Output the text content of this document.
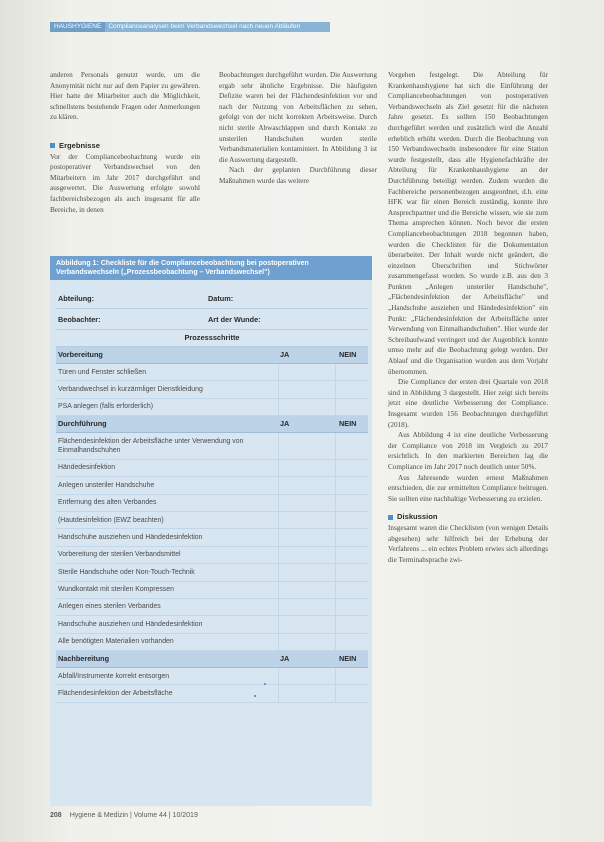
HAUSHYGIENE Complianceanalysen beim Verbandswechsel nach neuen Abläufen

anderen Personals genutzt wurde, um die Anonymität nicht nur auf dem Papier zu gewähren. Hier hatte der Mitarbeiter auch die Möglichkeit, schnellstens bestehende Fragen oder Anmerkungen zu klären.

Ergebnisse

Vor der Compliancebeobachtung wurde ein postoperativer Verbandswechsel von den Mitarbeitern im Jahr 2017 durchgeführt und ausgewertet. Die Auswertung erfolgte sowohl fachbereichsbezogen als auch insgesamt für alle Bereiche, in denen

Beobachtungen durchgeführt wurden. Die Auswertung ergab sehr ähnliche Ergebnisse. Die häufigsten Defizite waren bei der Flächendesinfektion vor und nach der Nutzung von Arbeitsflächen zu sehen, gefolgt von der nicht korrekten Arbeitsweise. Durch nicht sterile Abwaschlappen und durch Kontakt zu unsterilen Handschuhen wurden sterile Verbandsmaterialien kontaminiert. In Abbildung 3 ist die Auswertung dargestellt.

Nach der geplanten Durchführung dieser Maßnahmen wurde das weitere

Vorgehen festgelegt. Die Abteilung für Krankenhaushygiene hat sich die Einführung der Compliancebeobachtungen von postoperativen Verbandswechseln als Ziel gesetzt für die nächsten Jahre gesetzt. Es sollten 150 Beobachtungen durchgeführt werden und zusätzlich wird die Anzahl erheblich erhöht werden. Durch die Beobachtung von 150 Verbandswechseln insbesondere für eine Station wurde festgestellt, dass alle Hygienefachkräfte der Abteilung für Krankenhaushygiene an der Durchführung beteiligt werden. Zudem wurden die Fachbereiche personenbezogen ausgeordnet, d.h. eine HFK war für einen Bereich zuständig, konnte ihre Ansprechpartner und die Bereiche wissen, wie sie zum Thema ansprechen können. Noch bevor die ersten Compliancebeobachtungen 2018 begonnen haben, wurden die Checklisten für die Dokumentation überarbeitet. Der Inhalt wurde nicht geändert, die einzelnen Überschriften und Stichwörter zusammengefasst worden. So wurde z.B. aus den 3 Punkten „Anlegen unsteriler Handschuhe", „Flächendesinfektion der Arbeitsfläche" und „Handschuhe ausziehen und Händedesinfektion" ein Punkt: „Flächendesinfektion der Arbeitsfläche unter Verwendung von Einmalhandschuhen". Hier wurde der Schreibaufwand verringert und der Augenblick konnte umso mehr auf die Beobachtung gelegt werden. Der Ablauf und die Organisation wurden aus dem Vorjahr übernommen.

Die Compliance der ersten drei Quartale von 2018 sind in Abbildung 3 dargestellt. Hier zeigt sich bereits jetzt eine deutliche Verbesserung der Compliance. Insgesamt wurden 156 Beobachtungen durchgeführt (2018).

Aus Abbildung 4 ist eine deutliche Verbesserung der Compliance von 2018 im Vergleich zu 2017 ersichtlich. In den markierten Bereichen lag die Compliance im Jahr 2017 noch deutlich unter 50%.

Aus Jahresende wurden erneut Maßnahmen entschieden, die zur ermittelten Compliance beitrugen. Sie sollten eine nachhaltige Verbesserung zu erzielen.

Diskussion

Insgesamt waren die Checklisten (von wenigen Details abgesehen) sehr hilfreich bei der Erhebung der Verfahrens ... ein echtes Problem erwies sich allerdings die Terminabsprache zwi-

Abbildung 1: Checkliste für die Compliancebeobachtung bei postoperativen Verbandswechseln („Prozessbeobachtung – Verbandswechsel")
Abteilung:	Datum:
Beobachter:	Art der Wunde:
Prozessschritte
Vorbereitung	JA	NEIN
Türen und Fenster schließen
Verbandwechsel in kurzärmliger Dienstkleidung
PSA anlegen (falls erforderlich)
Durchführung	JA	NEIN
Flächendesinfektion der Arbeitsfläche unter Verwendung von Einmalhandschuhen
Händedesinfektion
Anlegen unsteriler Handschuhe
Entfernung des alten Verbandes
(Hautdesinfektion (EWZ beachten)
Handschuhe ausziehen und Händedesinfektion
Vorbereitung der sterilen Verbandsmittel
Sterile Handschuhe oder Non-Touch-Technik
Wundkontakt mit sterilen Kompressen
Anlegen eines sterilen Verbandes
Handschuhe ausziehen und Händedesinfektion
Alle benötigten Materialien vorhanden
Nachbereitung	JA	NEIN
Abfall/Instrumente korrekt entsorgen
Flächendesinfektion der Arbeitsfläche
208 Hygiene & Medizin | Volume 44 | 10/2019
